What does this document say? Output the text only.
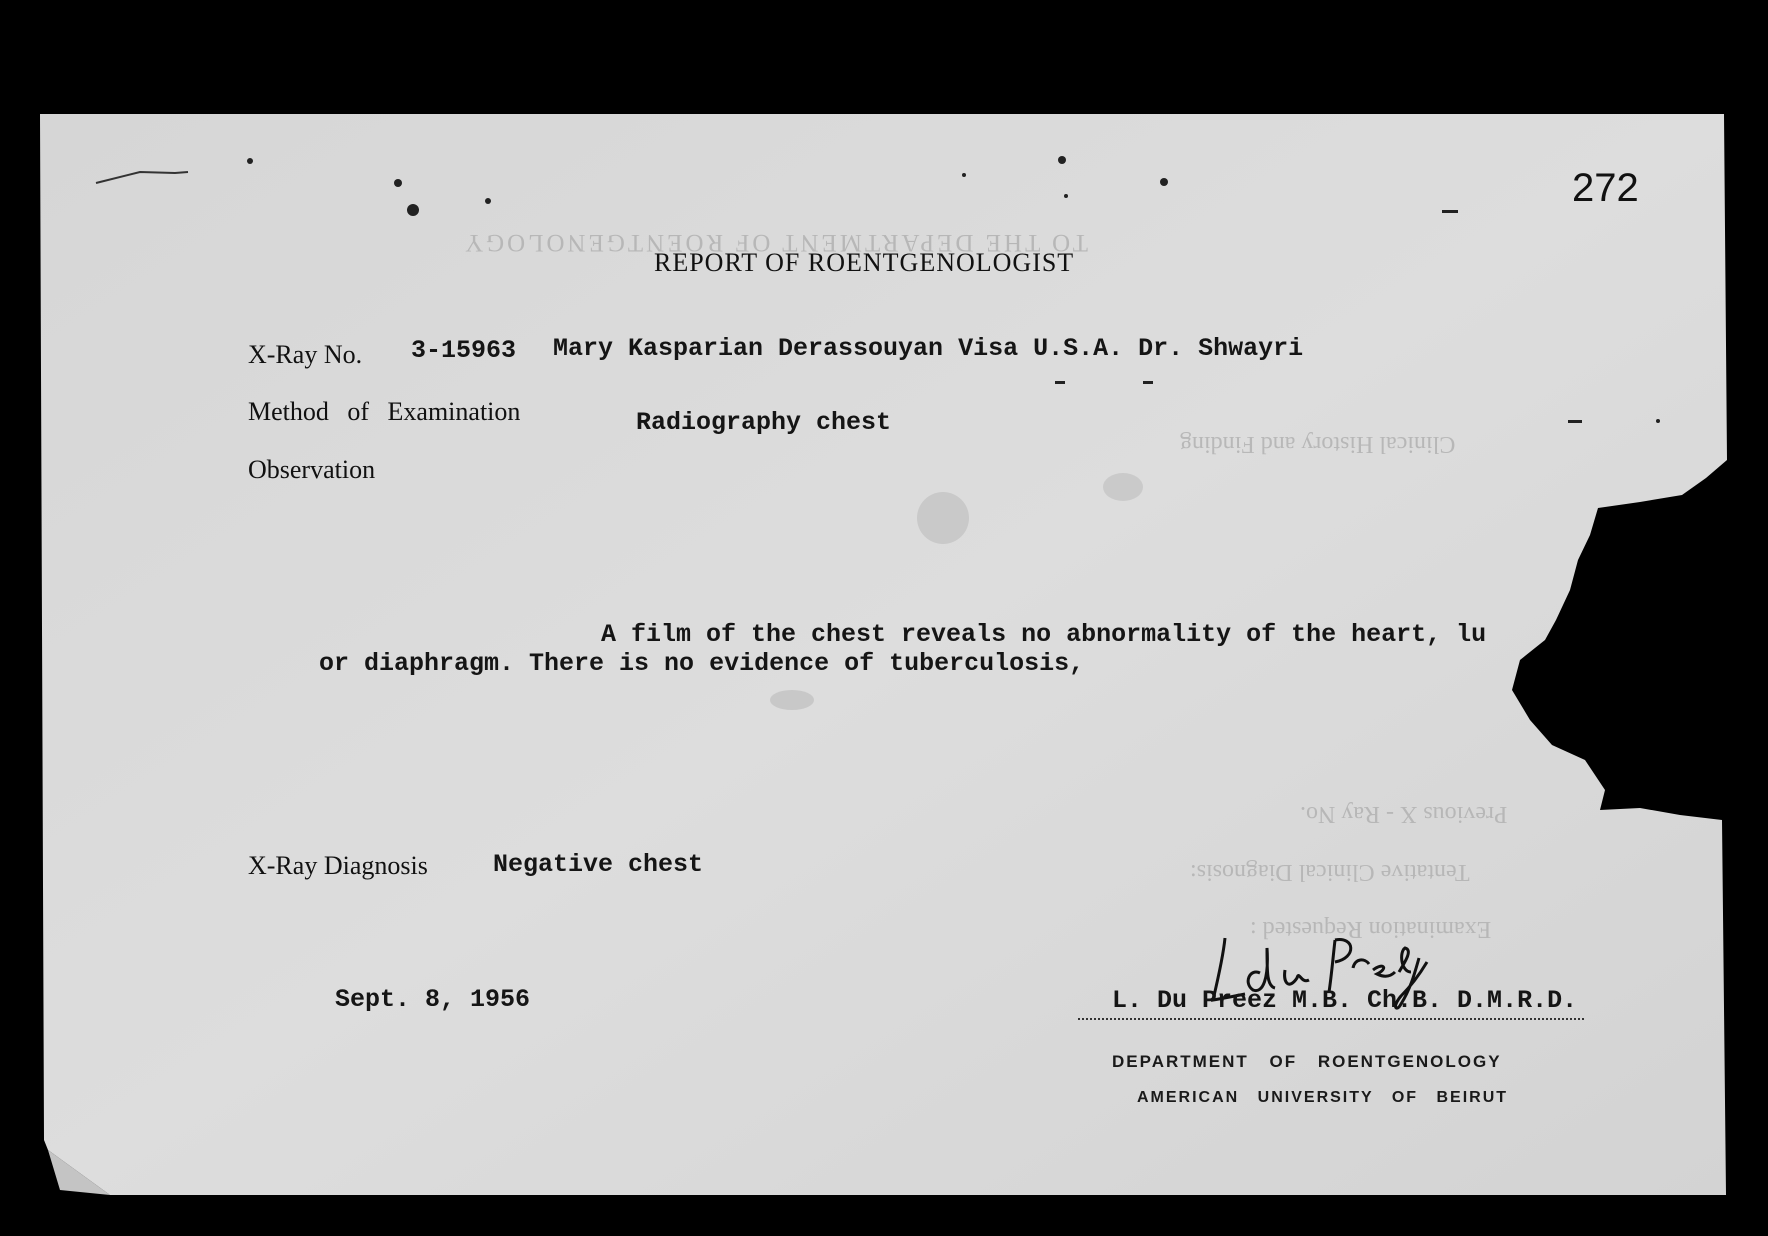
TO THE DEPARTMENT OF ROENTGENOLOGY
Clinical History and Finding
Previous X - Ray No.
Tentative Clinical Diagnosis:
Examination Requested :
272
REPORT OF ROENTGENOLOGIST
X-Ray No. 3-15963 Mary Kasparian Derassouyan Visa U.S.A. Dr. Shwayri
Method of Examination	Radiography chest
Observation
A film of the chest reveals no abnormality of the heart, lu
or diaphragm. There is no evidence of tuberculosis,
X-Ray Diagnosis	Negative chest
Sept. 8, 1956	L. Du Preez M.B. Ch.B. D.M.R.D.
DEPARTMENT OF ROENTGENOLOGY
AMERICAN UNIVERSITY OF BEIRUT
